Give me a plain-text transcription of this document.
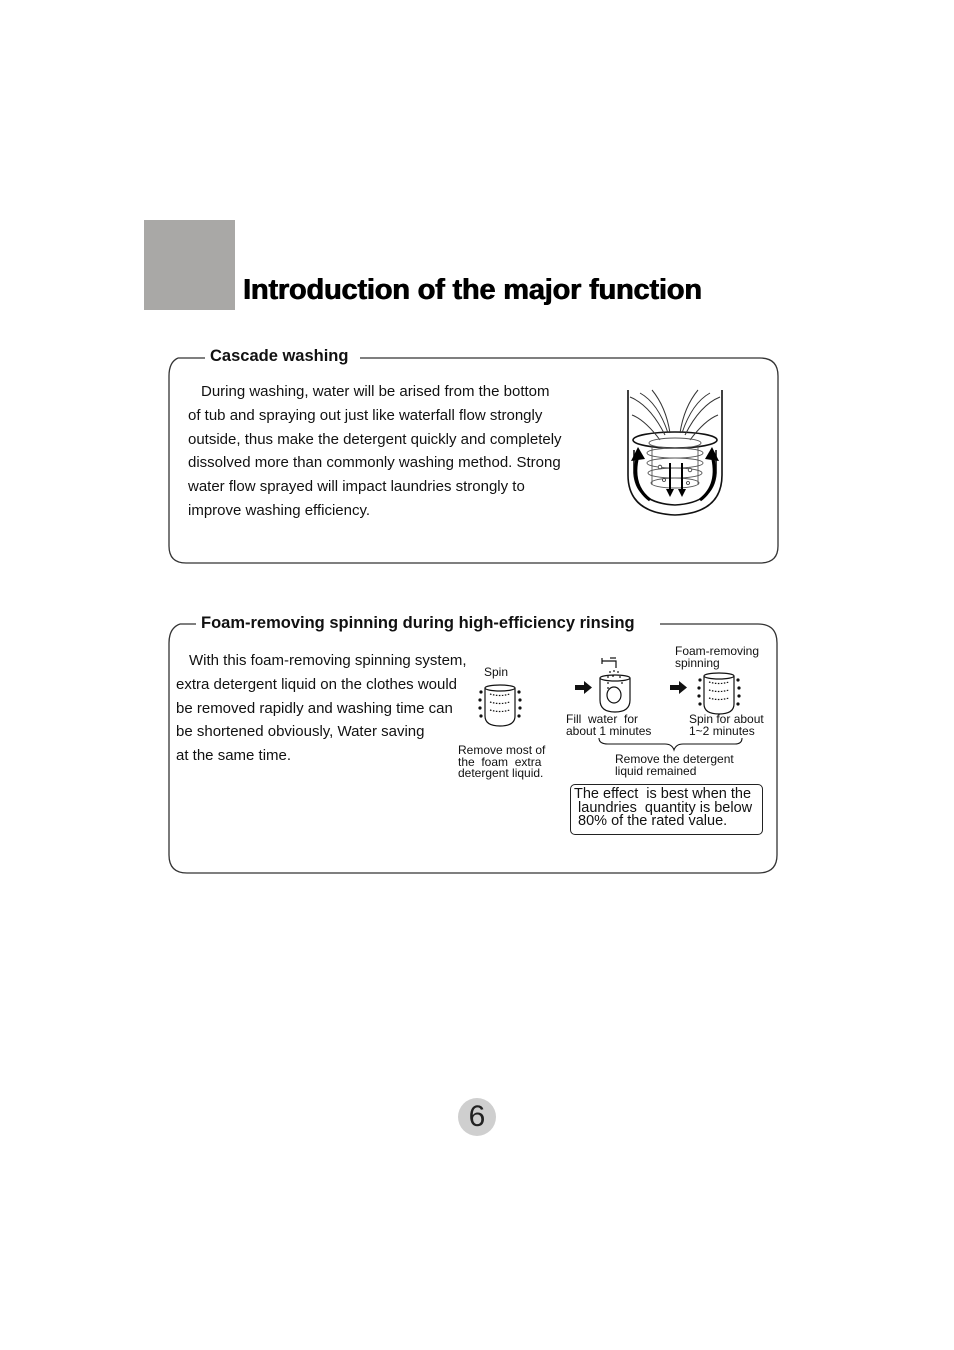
Introduction of the major function
Cascade washing

During washing, water will be arised from the bottom

of tub and spraying out just like waterfall flow strongly

outside, thus make the detergent quickly and completely

dissolved more than commonly washing method. Strong

water flow sprayed will impact laundries strongly to

improve washing efficiency.

Foam-removing spinning during high-efficiency rinsing

With this foam-removing spinning system,

extra detergent liquid on the clothes would

be removed rapidly and washing time can

be shortened obviously, Water saving

at the same time.

Spin
Remove most of
the  foam  extra
detergent liquid.
Fill  water  for
about 1 minutes
Foam-removing
spinning
Spin for about
1~2 minutes
Remove the detergent
liquid remained
The effect  is best when the
laundries  quantity is below
80% of the rated value.
6
